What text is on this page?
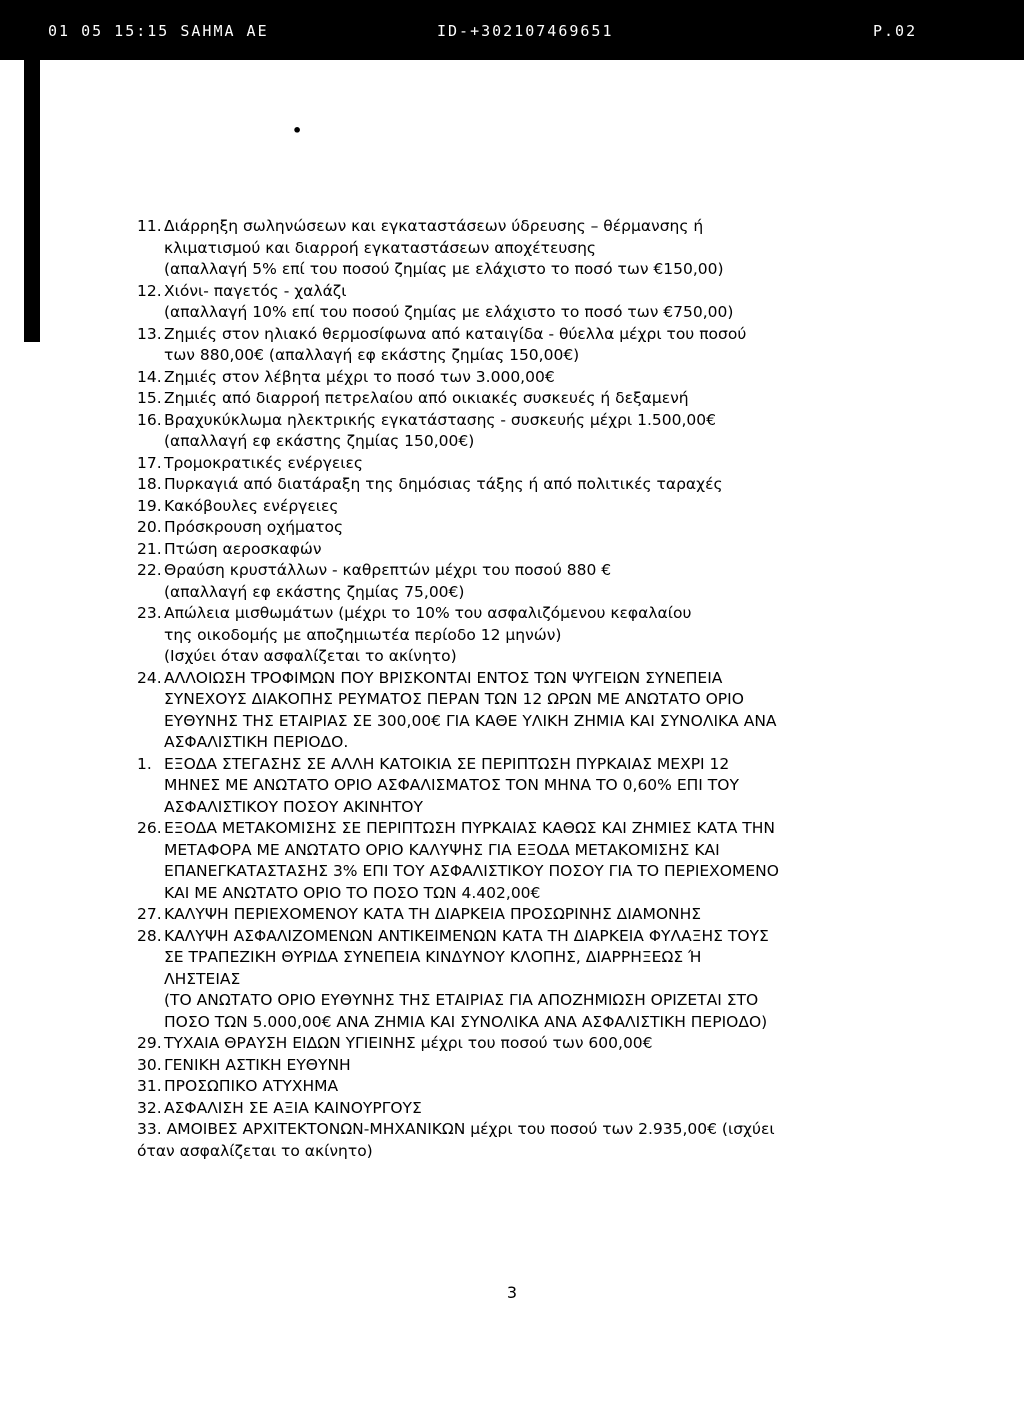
01 05 15:15 SAHMA AE	ID-+302107469651	P.02
•
11. Διάρρηξη σωληνώσεων και εγκαταστάσεων ύδρευσης – θέρμανσης ή
κλιματισμού και διαρροή εγκαταστάσεων αποχέτευσης
(απαλλαγή 5% επί του ποσού ζημίας με ελάχιστο το ποσό των €150,00)
12. Χιόνι- παγετός - χαλάζι
(απαλλαγή 10% επί του ποσού ζημίας με ελάχιστο το ποσό των €750,00)
13. Ζημιές στον ηλιακό θερμοσίφωνα από καταιγίδα - θύελλα μέχρι του ποσού
των 880,00€ (απαλλαγή εφ εκάστης ζημίας 150,00€)
14. Ζημιές στον λέβητα μέχρι το ποσό των 3.000,00€
15. Ζημιές από διαρροή πετρελαίου από οικιακές συσκευές ή δεξαμενή
16. Βραχυκύκλωμα ηλεκτρικής εγκατάστασης - συσκευής μέχρι 1.500,00€
(απαλλαγή εφ εκάστης ζημίας 150,00€)
17. Τρομοκρατικές ενέργειες
18. Πυρκαγιά από διατάραξη της δημόσιας τάξης ή από πολιτικές ταραχές
19. Κακόβουλες ενέργειες
20. Πρόσκρουση οχήματος
21. Πτώση αεροσκαφών
22. Θραύση κρυστάλλων - καθρεπτών μέχρι του ποσού 880 €
(απαλλαγή εφ εκάστης ζημίας 75,00€)
23. Απώλεια μισθωμάτων (μέχρι το 10% του ασφαλιζόμενου κεφαλαίου
της οικοδομής με αποζημιωτέα περίοδο 12 μηνών)
(Ισχύει όταν ασφαλίζεται το ακίνητο)
24. ΑΛΛΟΙΩΣΗ ΤΡΟΦΙΜΩΝ ΠΟΥ ΒΡΙΣΚΟΝΤΑΙ ΕΝΤΟΣ ΤΩΝ ΨΥΓΕΙΩΝ ΣΥΝΕΠΕΙΑ
ΣΥΝΕΧΟΥΣ ΔΙΑΚΟΠΗΣ ΡΕΥΜΑΤΟΣ ΠΕΡΑΝ ΤΩΝ 12 ΩΡΩΝ ΜΕ ΑΝΩΤΑΤΟ ΟΡΙΟ
ΕΥΘΥΝΗΣ ΤΗΣ ΕΤΑΙΡΙΑΣ ΣΕ 300,00€ ΓΙΑ ΚΑΘΕ ΥΛΙΚΗ ΖΗΜΙΑ ΚΑΙ ΣΥΝΟΛΙΚΑ ΑΝΑ
ΑΣΦΑΛΙΣΤΙΚΗ ΠΕΡΙΟΔΟ.
1. ΕΞΟΔΑ ΣΤΕΓΑΣΗΣ ΣΕ ΑΛΛΗ ΚΑΤΟΙΚΙΑ ΣΕ ΠΕΡΙΠΤΩΣΗ ΠΥΡΚΑΙΑΣ ΜΕΧΡΙ 12
ΜΗΝΕΣ ΜΕ ΑΝΩΤΑΤΟ ΟΡΙΟ ΑΣΦΑΛΙΣΜΑΤΟΣ ΤΟΝ ΜΗΝΑ ΤΟ 0,60% ΕΠΙ ΤΟΥ
ΑΣΦΑΛΙΣΤΙΚΟΥ ΠΟΣΟΥ ΑΚΙΝΗΤΟΥ
26. ΕΞΟΔΑ ΜΕΤΑΚΟΜΙΣΗΣ ΣΕ ΠΕΡΙΠΤΩΣΗ ΠΥΡΚΑΙΑΣ ΚΑΘΩΣ ΚΑΙ ΖΗΜΙΕΣ ΚΑΤΑ ΤΗΝ
ΜΕΤΑΦΟΡΑ ΜΕ ΑΝΩΤΑΤΟ ΟΡΙΟ ΚΑΛΥΨΗΣ ΓΙΑ ΕΞΟΔΑ ΜΕΤΑΚΟΜΙΣΗΣ ΚΑΙ
ΕΠΑΝΕΓΚΑΤΑΣΤΑΣΗΣ 3% ΕΠΙ ΤΟΥ ΑΣΦΑΛΙΣΤΙΚΟΥ ΠΟΣΟΥ ΓΙΑ ΤΟ ΠΕΡΙΕΧΟΜΕΝΟ
ΚΑΙ ΜΕ ΑΝΩΤΑΤΟ ΟΡΙΟ ΤΟ ΠΟΣΟ ΤΩΝ 4.402,00€
27. ΚΑΛΥΨΗ ΠΕΡΙΕΧΟΜΕΝΟΥ ΚΑΤΑ ΤΗ ΔΙΑΡΚΕΙΑ ΠΡΟΣΩΡΙΝΗΣ ΔΙΑΜΟΝΗΣ
28. ΚΑΛΥΨΗ ΑΣΦΑΛΙΖΟΜΕΝΩΝ ΑΝΤΙΚΕΙΜΕΝΩΝ ΚΑΤΑ ΤΗ ΔΙΑΡΚΕΙΑ ΦΥΛΑΞΗΣ ΤΟΥΣ
ΣΕ ΤΡΑΠΕΖΙΚΗ ΘΥΡΙΔΑ ΣΥΝΕΠΕΙΑ ΚΙΝΔΥΝΟΥ ΚΛΟΠΗΣ, ΔΙΑΡΡΗΞΕΩΣ Ή
ΛΗΣΤΕΙΑΣ
(ΤΟ ΑΝΩΤΑΤΟ ΟΡΙΟ ΕΥΘΥΝΗΣ ΤΗΣ ΕΤΑΙΡΙΑΣ ΓΙΑ ΑΠΟΖΗΜΙΩΣΗ ΟΡΙΖΕΤΑΙ ΣΤΟ
ΠΟΣΟ ΤΩΝ 5.000,00€ ΑΝΑ ΖΗΜΙΑ ΚΑΙ ΣΥΝΟΛΙΚΑ ΑΝΑ ΑΣΦΑΛΙΣΤΙΚΗ ΠΕΡΙΟΔΟ)
29. ΤΥΧΑΙΑ ΘΡΑΥΣΗ ΕΙΔΩΝ ΥΓΙΕΙΝΗΣ μέχρι του ποσού των 600,00€
30. ΓΕΝΙΚΗ ΑΣΤΙΚΗ ΕΥΘΥΝΗ
31. ΠΡΟΣΩΠΙΚΟ ΑΤΥΧΗΜΑ
32. ΑΣΦΑΛΙΣΗ ΣΕ ΑΞΙΑ ΚΑΙΝΟΥΡΓΟΥΣ
33. ΑΜΟΙΒΕΣ ΑΡΧΙΤΕΚΤΟΝΩΝ-ΜΗΧΑΝΙΚΩΝ μέχρι του ποσού των 2.935,00€ (ισχύει
όταν ασφαλίζεται το ακίνητο)
3
